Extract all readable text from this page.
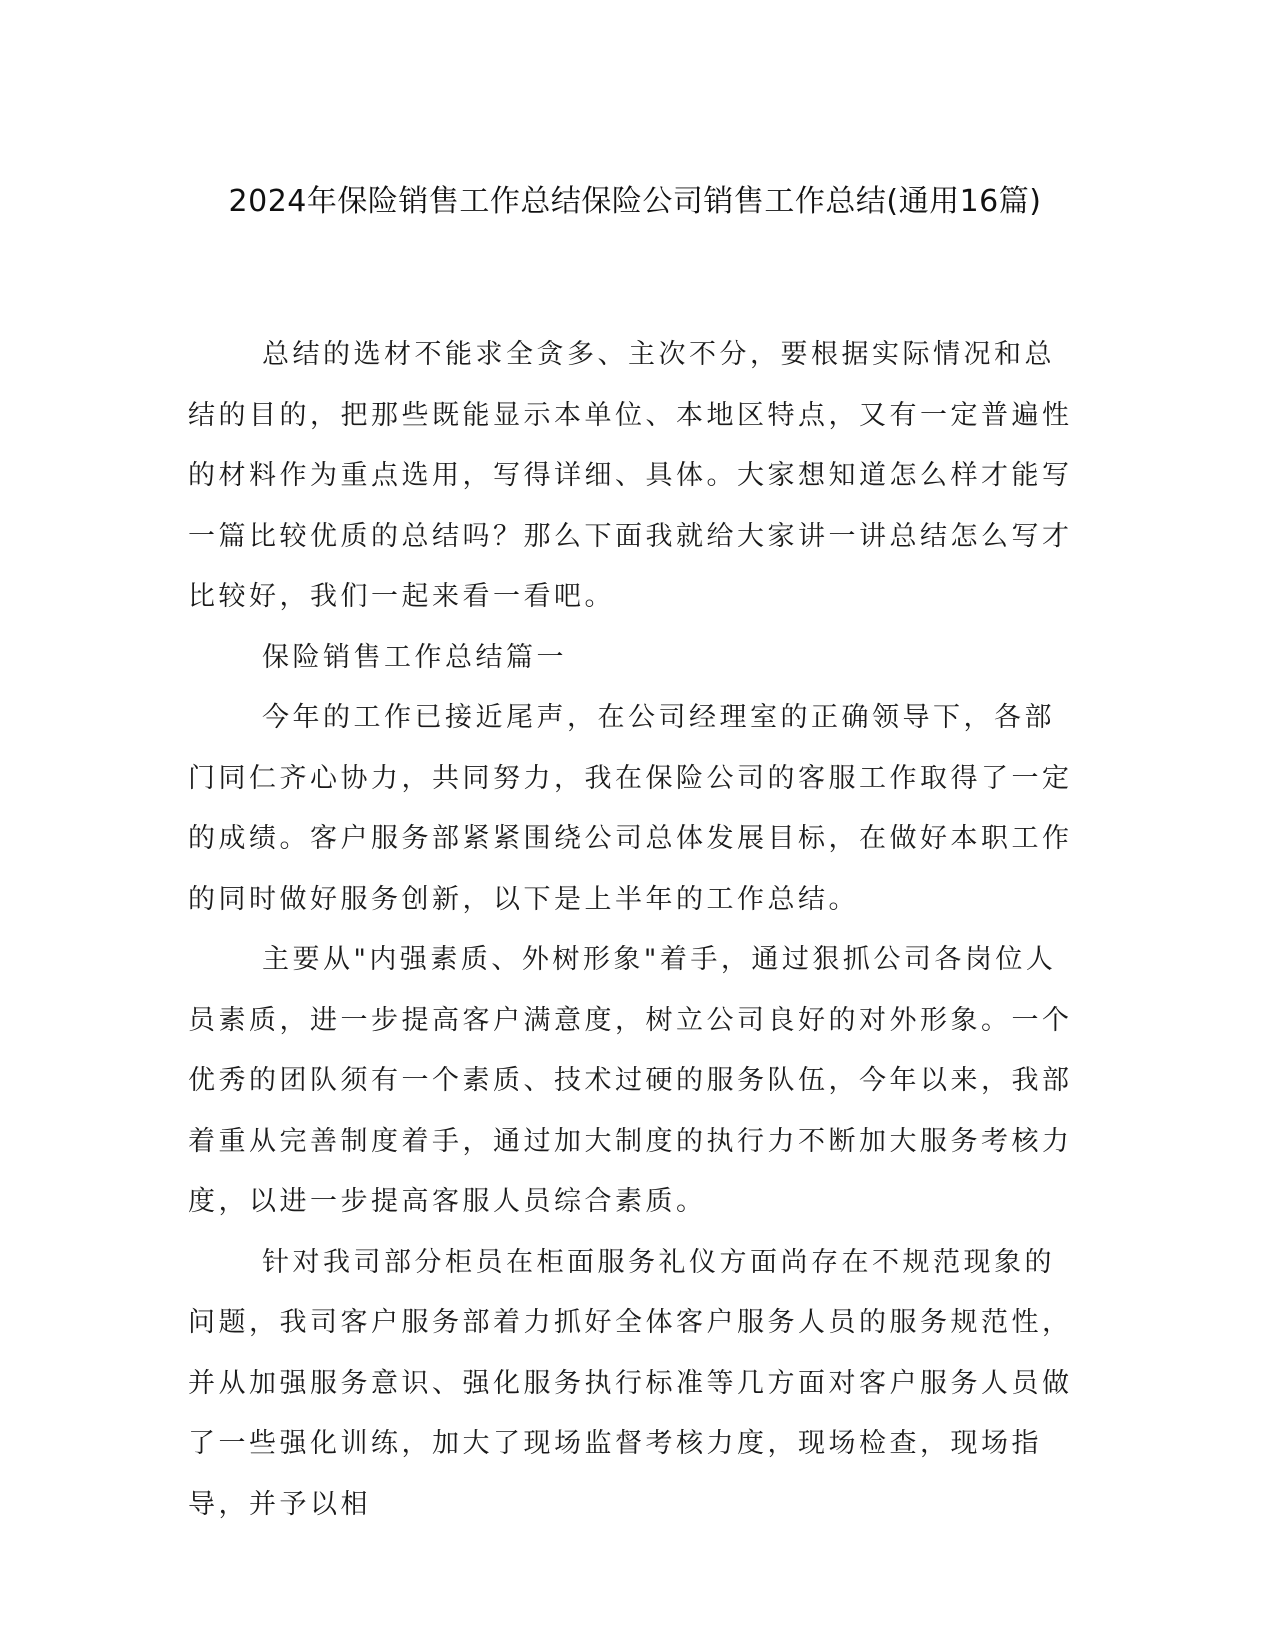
2024年保险销售工作总结保险公司销售工作总结(通用16篇)

总结的选材不能求全贪多、主次不分，要根据实际情况和总结的目的，把那些既能显示本单位、本地区特点，又有一定普遍性的材料作为重点选用，写得详细、具体。大家想知道怎么样才能写一篇比较优质的总结吗？那么下面我就给大家讲一讲总结怎么写才比较好，我们一起来看一看吧。

保险销售工作总结篇一

今年的工作已接近尾声，在公司经理室的正确领导下，各部门同仁齐心协力，共同努力，我在保险公司的客服工作取得了一定的成绩。客户服务部紧紧围绕公司总体发展目标，在做好本职工作的同时做好服务创新，以下是上半年的工作总结。

主要从"内强素质、外树形象"着手，通过狠抓公司各岗位人员素质，进一步提高客户满意度，树立公司良好的对外形象。一个优秀的团队须有一个素质、技术过硬的服务队伍，今年以来，我部着重从完善制度着手，通过加大制度的执行力不断加大服务考核力度，以进一步提高客服人员综合素质。

针对我司部分柜员在柜面服务礼仪方面尚存在不规范现象的问题，我司客户服务部着力抓好全体客户服务人员的服务规范性，并从加强服务意识、强化服务执行标准等几方面对客户服务人员做了一些强化训练，加大了现场监督考核力度，现场检查，现场指导，并予以相
